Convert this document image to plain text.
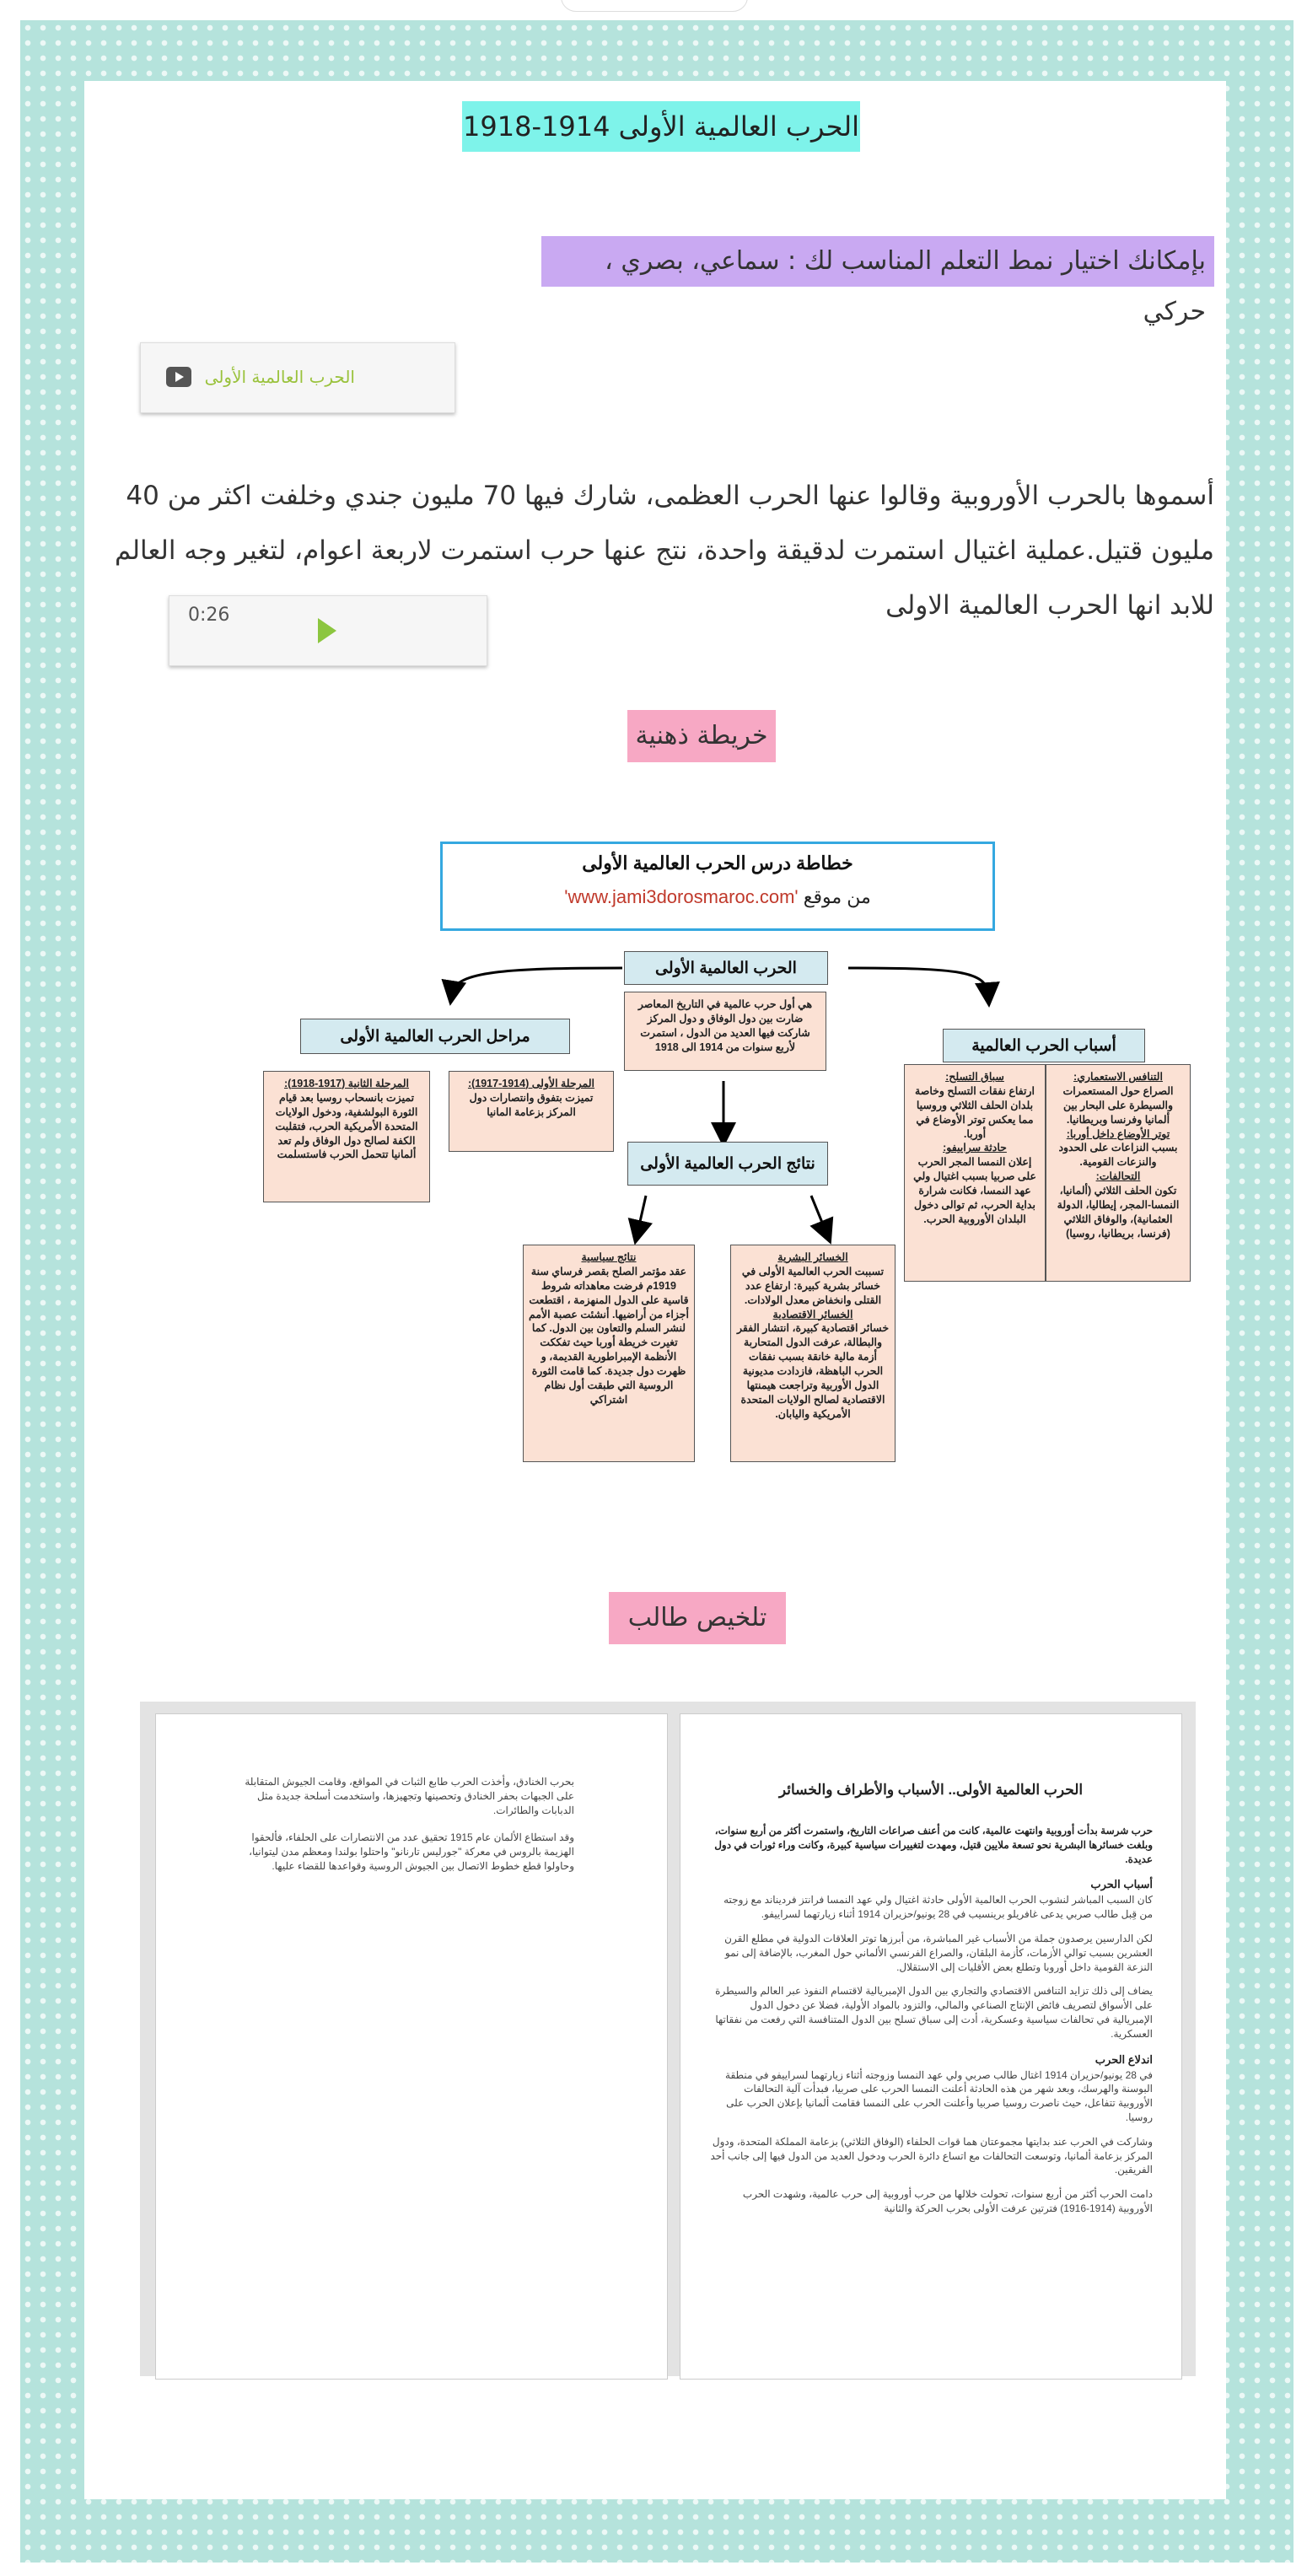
الحرب العالمية الأولى 1914-1918
بإمكانك اختيار نمط التعلم المناسب لك : سماعي، بصري ، حركي
الحرب العالمية الأولى
أسموها بالحرب الأوروبية وقالوا عنها الحرب العظمى، شارك فيها 70 مليون جندي وخلفت اكثر من 40 مليون قتيل.عملية اغتيال استمرت لدقيقة واحدة، نتج عنها حرب استمرت لاربعة اعوام، لتغير وجه العالم للابد انها الحرب العالمية الاولى
0:26
خريطة ذهنية
خطاطة درس الحرب العالمية الأولى
من موقع 'www.jami3dorosmaroc.com'
الحرب العالمية الأولى
هي أول حرب عالمية في التاريخ المعاصر ضارت بين دول الوفاق و دول المركز شاركت فيها العديد من الدول ، استمرت لأربع سنوات من 1914 الى 1918
مراحل الحرب العالمية الأولى
المرحلة الأولى (1914-1917):
تميزت بتفوق وانتصارات دول المركز بزعامة المانيا
المرحلة الثانية (1917-1918):
تميزت بانسحاب روسيا بعد قيام الثورة البولشفية، ودخول الولايات المتحدة الأمريكية الحرب، فتقلبت الكفة لصالح دول الوفاق ولم تعد ألمانيا تتحمل الحرب فاستسلمت
أسباب الحرب العالمية
التنافس الاستعماري:
الصراع حول المستعمرات والسيطرة على البحار بين ألمانيا وفرنسا وبريطانيا.
توتر الأوضاع داخل أوربا:
بسبب النزاعات على الحدود والنزعات القومية.
التحالفات:
تكون الحلف الثلاثي (ألمانيا، النمسا-المجر، إيطاليا، الدولة العثمانية)، والوفاق الثلاثي (فرنسا، بريطانيا، روسيا)
سباق التسلح:
ارتفاع نفقات التسلح وخاصة بلدان الحلف الثلاثي وروسيا مما يعكس توتر الأوضاع في أوربا.
حادثة سراييفو:
إعلان النمسا المجر الحرب على صربيا بسبب اغتيال ولي عهد النمسا، فكانت شرارة بداية الحرب، ثم توالى دخول البلدان الأوروبية الحرب.
نتائج الحرب العالمية الأولى
الخسائر البشرية
تسببت الحرب العالمية الأولى في خسائر بشرية كبيرة: ارتفاع عدد القتلى وانخفاض معدل الولادات.
الخسائر الاقتصادية
خسائر اقتصادية كبيرة، انتشار الفقر والبطالة، عرفت الدول المتحاربة أزمة مالية خانقة بسبب نفقات الحرب الباهظة، فازدادت مديونية الدول الأوربية وتراجعت هيمنتها الاقتصادية لصالح الولايات المتحدة الأمريكية واليابان.
نتائج سياسية
عقد مؤتمر الصلح بقصر فرساي سنة 1919م فرضت معاهداته شروط قاسية على الدول المنهزمة ، اقتطعت أجزاء من أراضيها. أنشئت عصبة الأمم لنشر السلم والتعاون بين الدول. كما تغيرت خريطة أوربا حيث تفككت الأنظمة الإمبراطورية القديمة، و ظهرت دول جديدة. كما قامت الثورة الروسية التي طبقت أول نظام اشتراكي
تلخيص طالب
بحرب الخنادق، وأخذت الحرب طابع الثبات في المواقع، وقامت الجيوش المتقابلة على الجبهات بحفر الخنادق وتحصينها وتجهيزها، واستخدمت أسلحة جديدة مثل الدبابات والطائرات.
وقد استطاع الألمان عام 1915 تحقيق عدد من الانتصارات على الحلفاء، فألحقوا الهزيمة بالروس في معركة "جورليس تارنانو" واحتلوا بولندا ومعظم مدن ليتوانيا، وحاولوا قطع خطوط الاتصال بين الجيوش الروسية وقواعدها للقضاء عليها.
الحرب العالمية الأولى.. الأسباب والأطراف والخسائر
حرب شرسة بدأت أوروبية وانتهت عالمية، كانت من أعنف صراعات التاريخ، واستمرت أكثر من أربع سنوات، وبلغت خسائرها البشرية نحو تسعة ملايين قتيل، ومهدت لتغييرات سياسية كبيرة، وكانت وراء ثورات في دول عديدة.
أسباب الحرب
كان السبب المباشر لنشوب الحرب العالمية الأولى حادثة اغتيال ولي عهد النمسا فرانتز فرديناند مع زوجته من قِبل طالب صربي يدعى غافريلو برينسيب في 28 يونيو/حزيران 1914 أثناء زيارتهما لسراييفو.
لكن الدارسين يرصدون جملة من الأسباب غير المباشرة، من أبرزها توتر العلاقات الدولية في مطلع القرن العشرين بسبب توالي الأزمات، كأزمة البلقان، والصراع الفرنسي الألماني حول المغرب، بالإضافة إلى نمو النزعة القومية داخل أوروبا وتطلع بعض الأقليات إلى الاستقلال.
يضاف إلى ذلك تزايد التنافس الاقتصادي والتجاري بين الدول الإمبريالية لاقتسام النفوذ عبر العالم والسيطرة على الأسواق لتصريف فائض الإنتاج الصناعي والمالي، والتزود بالمواد الأولية، فضلا عن دخول الدول الإمبريالية في تحالفات سياسية وعسكرية، أدت إلى سباق تسلح بين الدول المتنافسة التي رفعت من نفقاتها العسكرية.
اندلاع الحرب
في 28 يونيو/حزيران 1914 اغتال طالب صربي ولي عهد النمسا وزوجته أثناء زيارتهما لسراييفو في منطقة البوسنة والهرسك، وبعد شهر من هذه الحادثة أعلنت النمسا الحرب على صربيا، فبدأت آلية التحالفات الأوروبية تتفاعل، حيث ناصرت روسيا صربيا وأعلنت الحرب على النمسا فقامت ألمانيا بإعلان الحرب على روسيا.
وشاركت في الحرب عند بدايتها مجموعتان هما قوات الحلفاء (الوفاق الثلاثي) بزعامة المملكة المتحدة، ودول المركز بزعامة ألمانيا، وتوسعت التحالفات مع اتساع دائرة الحرب ودخول العديد من الدول فيها إلى جانب أحد الفريقين.
دامت الحرب أكثر من أربع سنوات، تحولت خلالها من حرب أوروبية إلى حرب عالمية، وشهدت الحرب الأوروبية (1914-1916) فترتين عرفت الأولى بحرب الحركة والثانية
